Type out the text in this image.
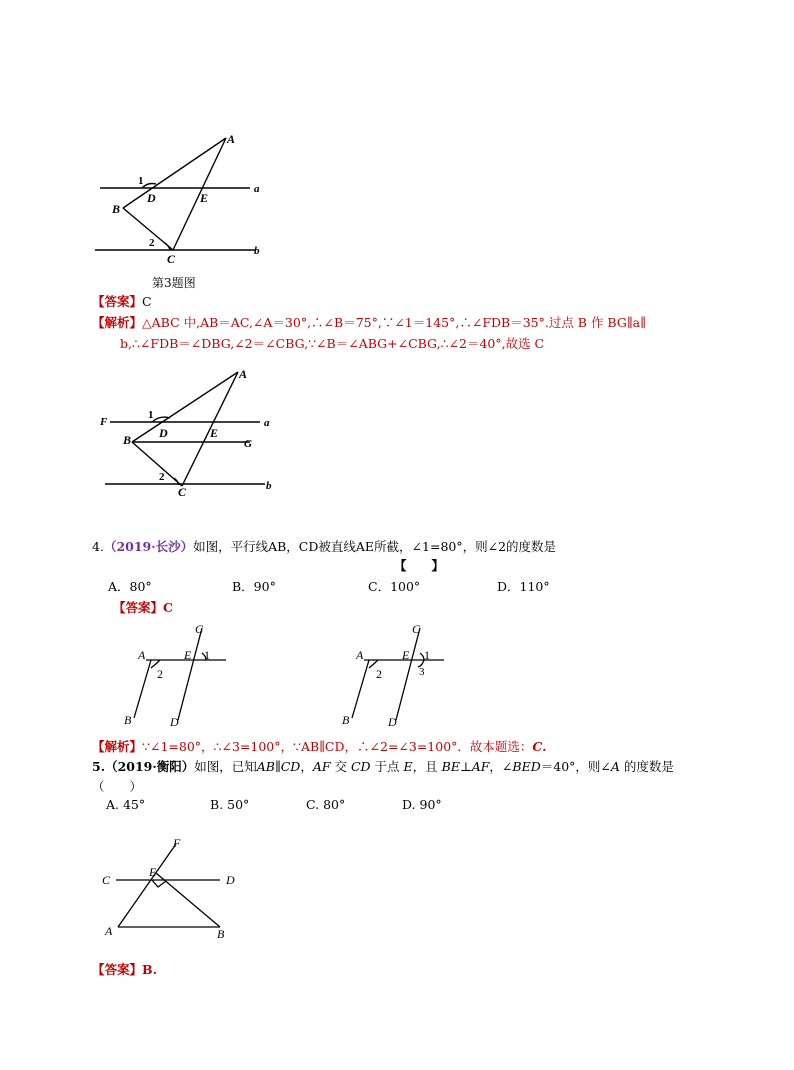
A
a
1
D	E
B
2
b
C
第3题图
【答案】C
【解析】△ABC 中,AB＝AC,∠A＝30°,∴∠B＝75°,∵∠1＝145°,∴∠FDB＝35°.过点 B 作 BG∥a∥
b,∴∠FDB＝∠DBG,∠2＝∠CBG,∵∠B＝∠ABG+∠CBG,∴∠2＝40°,故选 C
A
F
1
a
B D	E
G
2
C	b
4.（2019·长沙）如图，平行线AB，CD被直线AE所截，∠1=80°，则∠2的度数是
【　　】
A．80°	B．90°	C．100°	D．110°
【答案】C
C
A	E 1
2
B	D
C
A	E 1
3
2
B	D
【解析】∵∠1=80°，∴∠3=100°，∵AB∥CD，∴∠2=∠3=100°．故本题选：C.
5.（2019·衡阳）如图，已知AB∥CD，AF 交 CD 于点 E，且 BE⊥AF，∠BED＝40°，则∠A 的度数是
（　　）
A. 45°	B. 50°	C. 80°	D. 90°
F
C
E
D
A	B
【答案】B.
